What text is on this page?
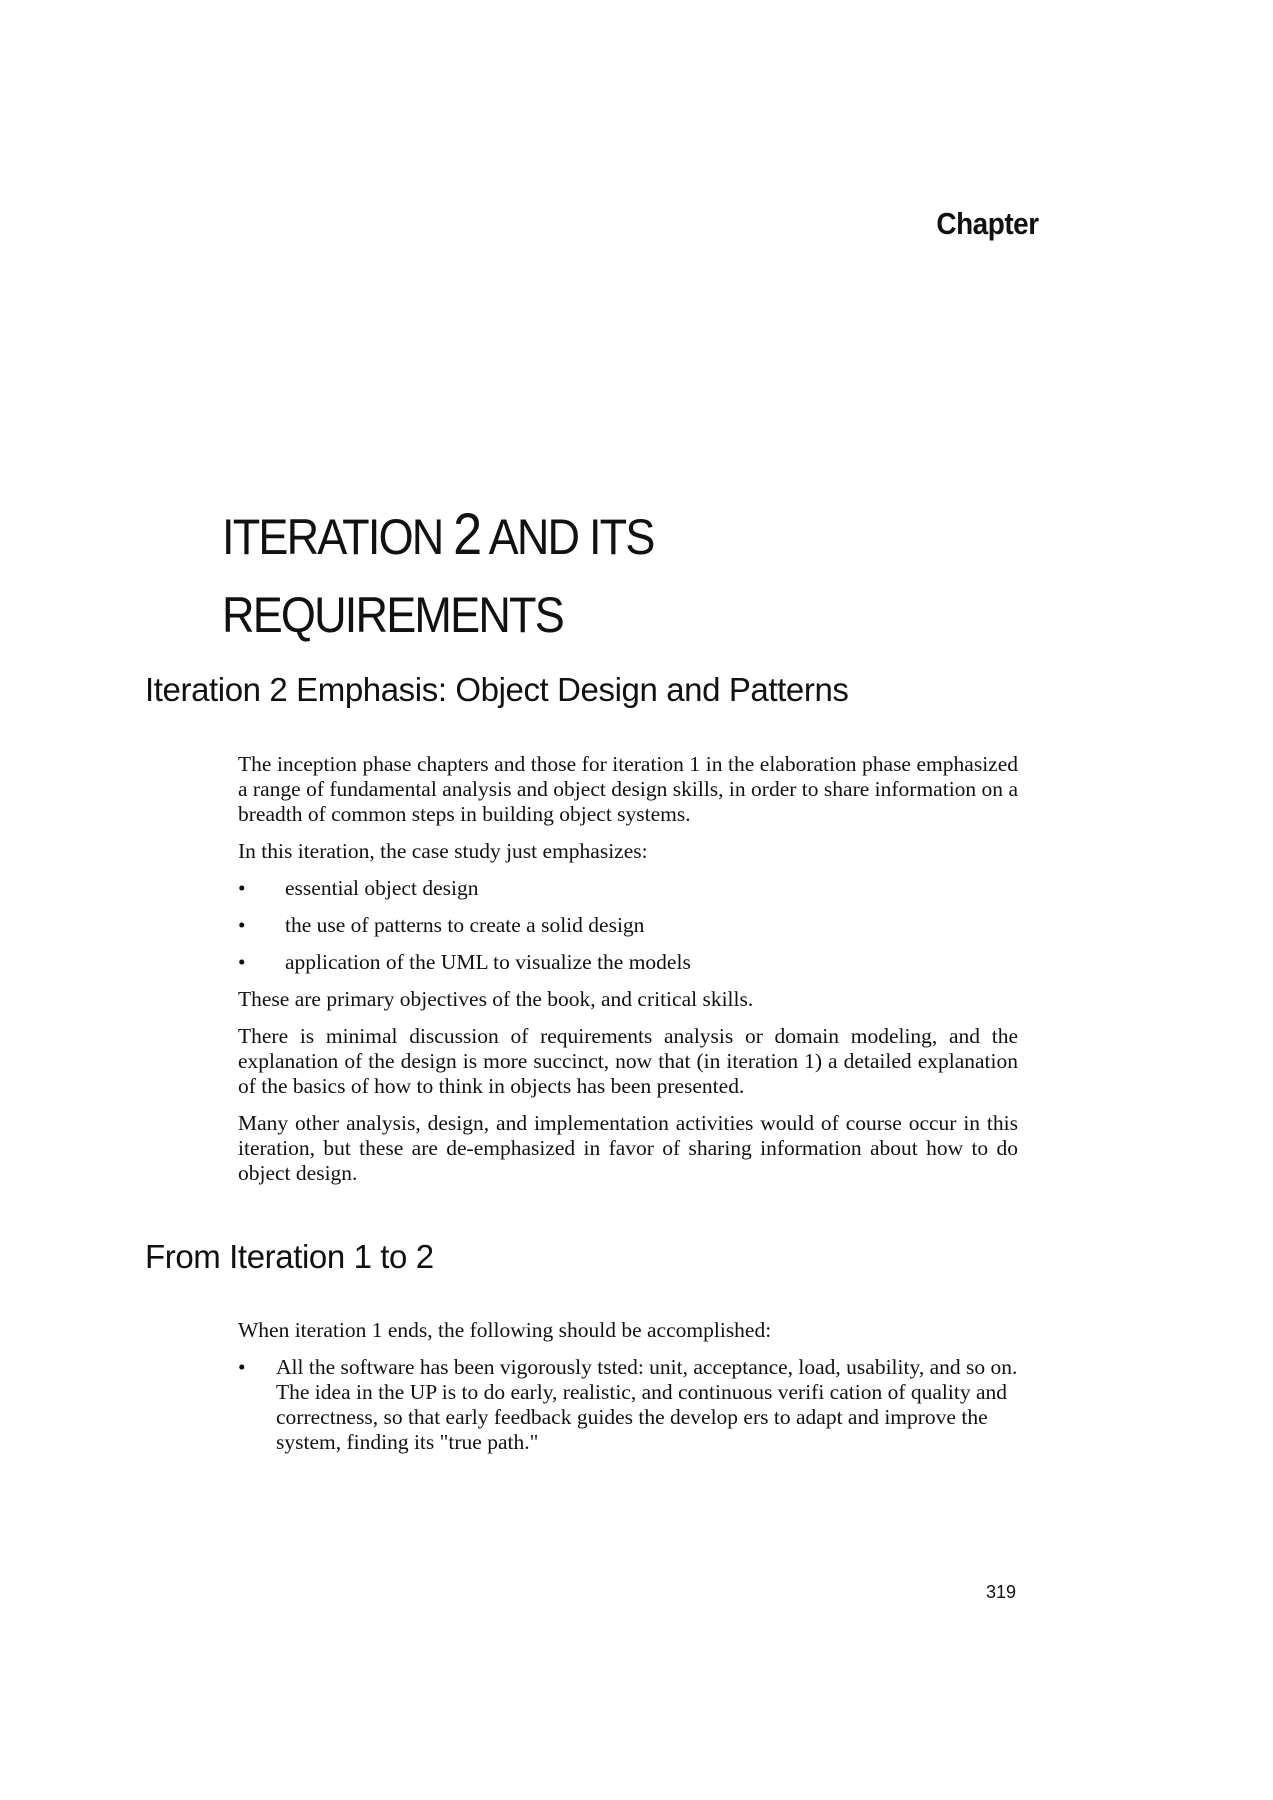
Chapter
ITERATION 2 AND ITS
REQUIREMENTS
Iteration 2 Emphasis: Object Design and Patterns

The inception phase chapters and those for iteration 1 in the elaboration phase emphasized a range of fundamental analysis and object design skills, in order to share information on a breadth of common steps in building object systems.

In this iteration, the case study just emphasizes:

• essential object design
• the use of patterns to create a solid design
• application of the UML to visualize the models

These are primary objectives of the book, and critical skills.

There is minimal discussion of requirements analysis or domain modeling, and the explanation of the design is more succinct, now that (in iteration 1) a detailed explanation of the basics of how to think in objects has been presented.

Many other analysis, design, and implementation activities would of course occur in this iteration, but these are de-emphasized in favor of sharing information about how to do object design.

From Iteration 1 to 2

When iteration 1 ends, the following should be accomplished:

• All the software has been vigorously tsted: unit, acceptance, load, usability, and so on. The idea in the UP is to do early, realistic, and continuous verifi cation of quality and correctness, so that early feedback guides the develop ers to adapt and improve the system, finding its "true path."
319
